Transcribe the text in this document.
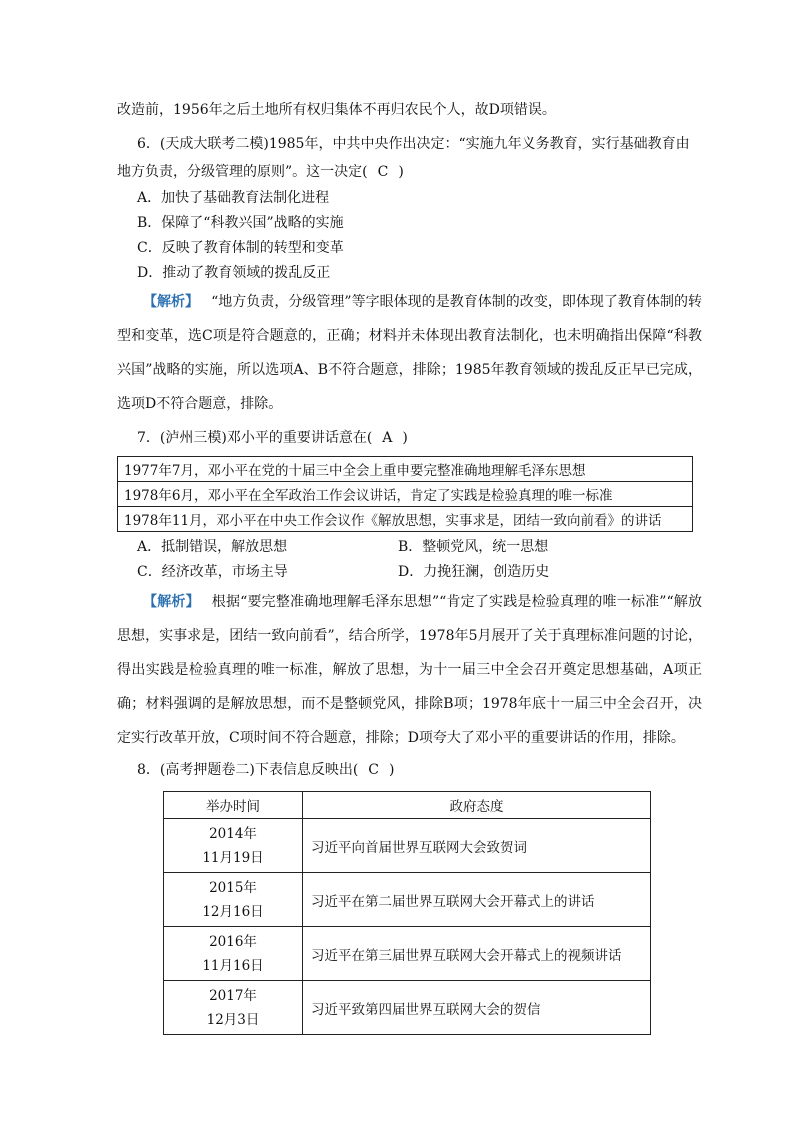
改造前，1956年之后土地所有权归集体不再归农民个人，故D项错误。
6．(天成大联考二模)1985年，中共中央作出决定：“实施九年义务教育，实行基础教育由
地方负责，分级管理的原则”。这一决定( C )
A．加快了基础教育法制化进程
B．保障了“科教兴国”战略的实施
C．反映了教育体制的转型和变革
D．推动了教育领域的拨乱反正
【解析】 “地方负责，分级管理”等字眼体现的是教育体制的改变，即体现了教育体制的转型和变革，选C项是符合题意的，正确；材料并未体现出教育法制化，也未明确指出保障“科教兴国”战略的实施，所以选项A、B不符合题意，排除；1985年教育领域的拨乱反正早已完成，选项D不符合题意，排除。
7．(泸州三模)邓小平的重要讲话意在( A )
1977年7月，邓小平在党的十届三中全会上重申要完整准确地理解毛泽东思想
1978年6月，邓小平在全军政治工作会议讲话，肯定了实践是检验真理的唯一标准
1978年11月，邓小平在中央工作会议作《解放思想，实事求是，团结一致向前看》的讲话
A．抵制错误，解放思想	B．整顿党风，统一思想
C．经济改革，市场主导	D．力挽狂澜，创造历史
【解析】 根据“要完整准确地理解毛泽东思想”“肯定了实践是检验真理的唯一标准”“解放思想，实事求是，团结一致向前看”，结合所学，1978年5月展开了关于真理标准问题的讨论，得出实践是检验真理的唯一标准，解放了思想，为十一届三中全会召开奠定思想基础，A项正确；材料强调的是解放思想，而不是整顿党风，排除B项；1978年底十一届三中全会召开，决定实行改革开放，C项时间不符合题意，排除；D项夸大了邓小平的重要讲话的作用，排除。
8．(高考押题卷二)下表信息反映出( C )
举办时间	政府态度
2014年
11月19日	习近平向首届世界互联网大会致贺词
2015年
12月16日	习近平在第二届世界互联网大会开幕式上的讲话
2016年
11月16日	习近平在第三届世界互联网大会开幕式上的视频讲话
2017年
12月3日	习近平致第四届世界互联网大会的贺信
